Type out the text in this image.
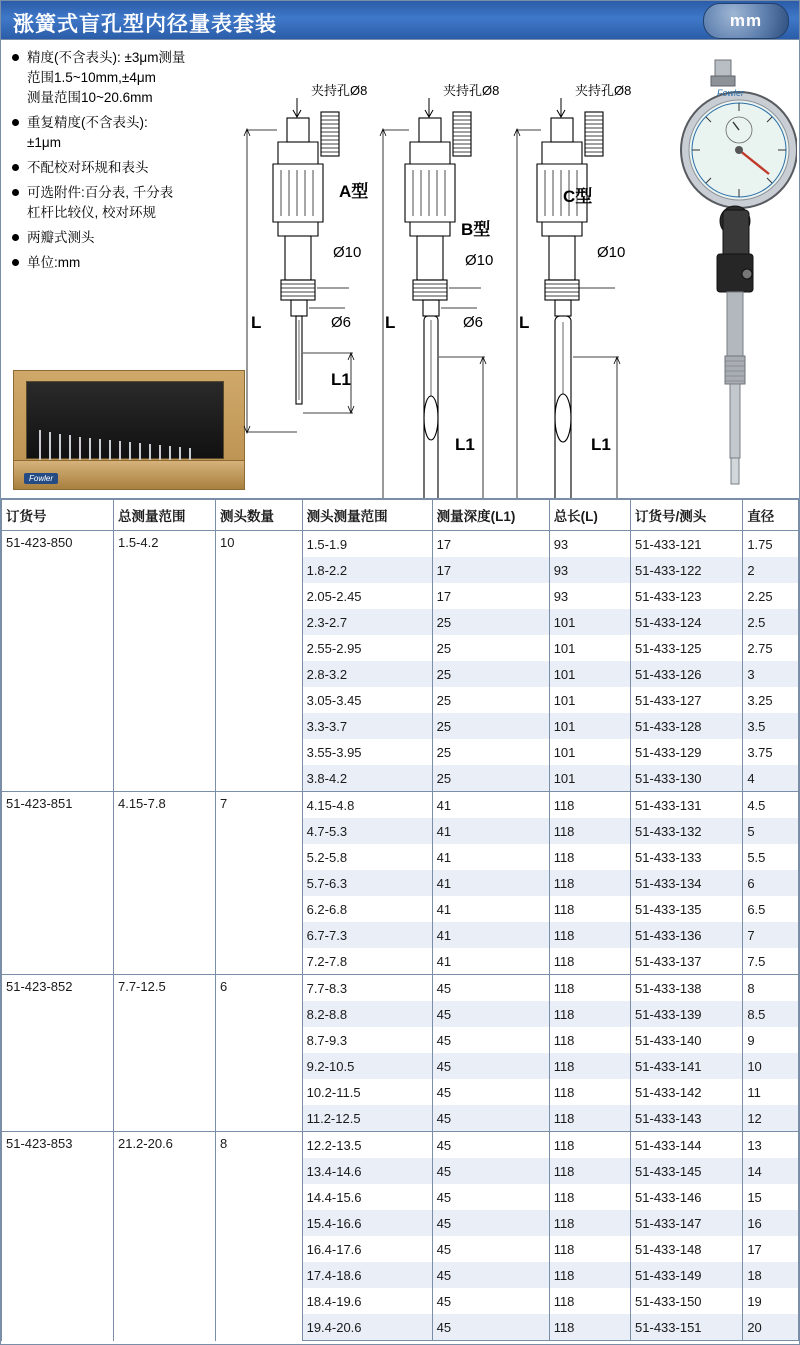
涨簧式盲孔型内径量表套装	mm
精度(不含表头): ±3μm测量
范围1.5~10mm,±4μm
测量范围10~20.6mm
重复精度(不含表头):
±1μm
不配校对环规和表头
可选附件:百分表, 千分表
杠杆比较仪, 校对环规
两瓣式测头
单位:mm
Fowler
夹持孔Ø8	夹持孔Ø8	夹持孔Ø8
A型
B型
C型
Ø10	Ø10	Ø10
Ø6	Ø6
L	L	L
L1
L1	L1
Fowler
订货号	总测量范围	测头数量	测头测量范围	测量深度(L1)	总长(L)	订货号/测头	直径
51-423-850	1.5-4.2	10	1.5-1.9	17	93	51-433-121	1.75
			1.8-2.2	17	93	51-433-122	2
			2.05-2.45	17	93	51-433-123	2.25
			2.3-2.7	25	101	51-433-124	2.5
			2.55-2.95	25	101	51-433-125	2.75
			2.8-3.2	25	101	51-433-126	3
			3.05-3.45	25	101	51-433-127	3.25
			3.3-3.7	25	101	51-433-128	3.5
			3.55-3.95	25	101	51-433-129	3.75
			3.8-4.2	25	101	51-433-130	4
51-423-851	4.15-7.8	7	4.15-4.8	41	118	51-433-131	4.5
			4.7-5.3	41	118	51-433-132	5
			5.2-5.8	41	118	51-433-133	5.5
			5.7-6.3	41	118	51-433-134	6
			6.2-6.8	41	118	51-433-135	6.5
			6.7-7.3	41	118	51-433-136	7
			7.2-7.8	41	118	51-433-137	7.5
51-423-852	7.7-12.5	6	7.7-8.3	45	118	51-433-138	8
			8.2-8.8	45	118	51-433-139	8.5
			8.7-9.3	45	118	51-433-140	9
			9.2-10.5	45	118	51-433-141	10
			10.2-11.5	45	118	51-433-142	11
			11.2-12.5	45	118	51-433-143	12
51-423-853	21.2-20.6	8	12.2-13.5	45	118	51-433-144	13
			13.4-14.6	45	118	51-433-145	14
			14.4-15.6	45	118	51-433-146	15
			15.4-16.6	45	118	51-433-147	16
			16.4-17.6	45	118	51-433-148	17
			17.4-18.6	45	118	51-433-149	18
			18.4-19.6	45	118	51-433-150	19
			19.4-20.6	45	118	51-433-151	20
